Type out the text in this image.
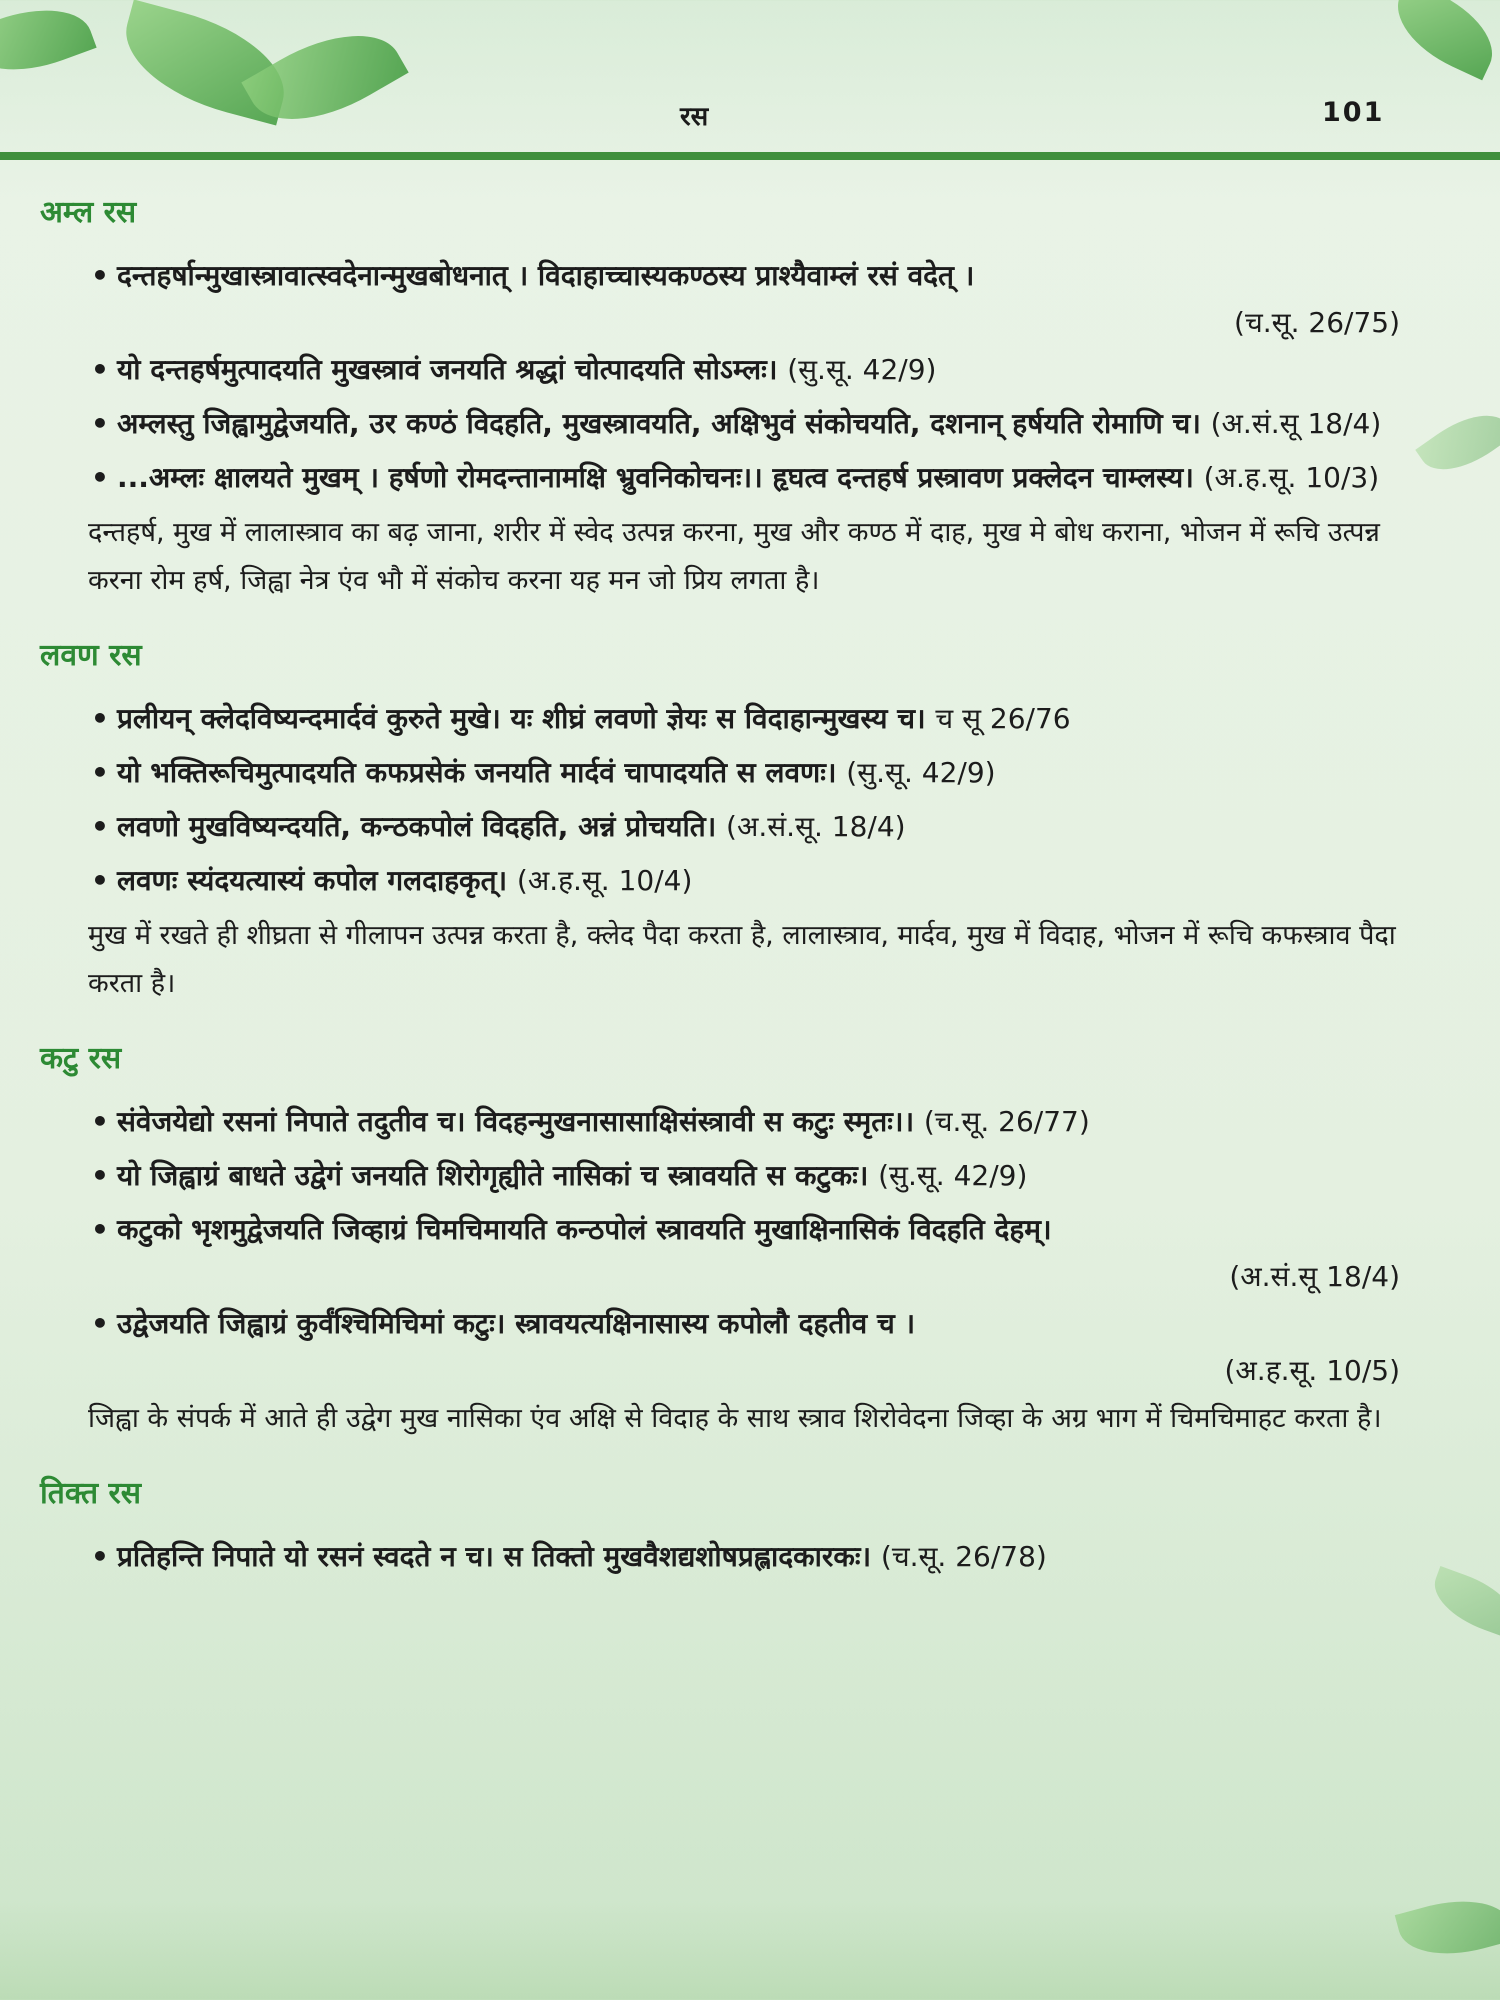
रस	101
अम्ल रस
• दन्तहर्षान्मुखास्त्रावात्स्वदेनान्मुखबोधनात् । विदाहाच्चास्यकण्ठस्य प्राश्यैवाम्लं रसं वदेत् ।
(च.सू. 26/75)
• यो दन्तहर्षमुत्पादयति मुखस्त्रावं जनयति श्रद्धां चोत्पादयति सोऽम्लः। (सु.सू. 42/9)
• अम्लस्तु जिह्वामुद्वेजयति, उर कण्ठं विदहति, मुखस्त्रावयति, अक्षिभुवं संकोचयति, दशनान् हर्षयति रोमाणि च। (अ.सं.सू 18/4)
• ...अम्लः क्षालयते मुखम् । हर्षणो रोमदन्तानामक्षि भ्रुवनिकोचनः।। हृघत्व दन्तहर्ष प्रस्त्रावण प्रक्लेदन चाम्लस्य। (अ.ह.सू. 10/3)
दन्तहर्ष, मुख में लालास्त्राव का बढ़ जाना, शरीर में स्वेद उत्पन्न करना, मुख और कण्ठ में दाह, मुख मे बोध कराना, भोजन में रूचि उत्पन्न करना रोम हर्ष, जिह्वा नेत्र एंव भौ में संकोच करना यह मन जो प्रिय लगता है।
लवण रस
• प्रलीयन् क्लेदविष्यन्दमार्दवं कुरुते मुखे। यः शीघ्रं लवणो ज्ञेयः स विदाहान्मुखस्य च। च सू 26/76
• यो भक्तिरूचिमुत्पादयति कफप्रसेकं जनयति मार्दवं चापादयति स लवणः। (सु.सू. 42/9)
• लवणो मुखविष्यन्दयति, कन्ठकपोलं विदहति, अन्नं प्रोचयति। (अ.सं.सू. 18/4)
• लवणः स्यंदयत्यास्यं कपोल गलदाहकृत्। (अ.ह.सू. 10/4)
मुख में रखते ही शीघ्रता से गीलापन उत्पन्न करता है, क्लेद पैदा करता है, लालास्त्राव, मार्दव, मुख में विदाह, भोजन में रूचि कफस्त्राव पैदा करता है।
कटु रस
• संवेजयेद्यो रसनां निपाते तदुतीव च। विदहन्मुखनासासाक्षिसंस्त्रावी स कटुः स्मृतः।। (च.सू. 26/77)
• यो जिह्वाग्रं बाधते उद्वेगं जनयति शिरोगृह्यीते नासिकां च स्त्रावयति स कटुकः। (सु.सू. 42/9)
• कटुको भृशमुद्वेजयति जिव्हाग्रं चिमचिमायति कन्ठपोलं स्त्रावयति मुखाक्षिनासिकं विदहति देहम्।
(अ.सं.सू 18/4)
• उद्वेजयति जिह्वाग्रं कुर्वंश्चिमिचिमां कटुः। स्त्रावयत्यक्षिनासास्य कपोलौ दहतीव च ।
(अ.ह.सू. 10/5)
जिह्वा के संपर्क में आते ही उद्वेग मुख नासिका एंव अक्षि से विदाह के साथ स्त्राव शिरोवेदना जिव्हा के अग्र भाग में चिमचिमाहट करता है।
तिक्त रस
• प्रतिहन्ति निपाते यो रसनं स्वदते न च। स तिक्तो मुखवैशद्यशोषप्रह्लादकारकः। (च.सू. 26/78)
